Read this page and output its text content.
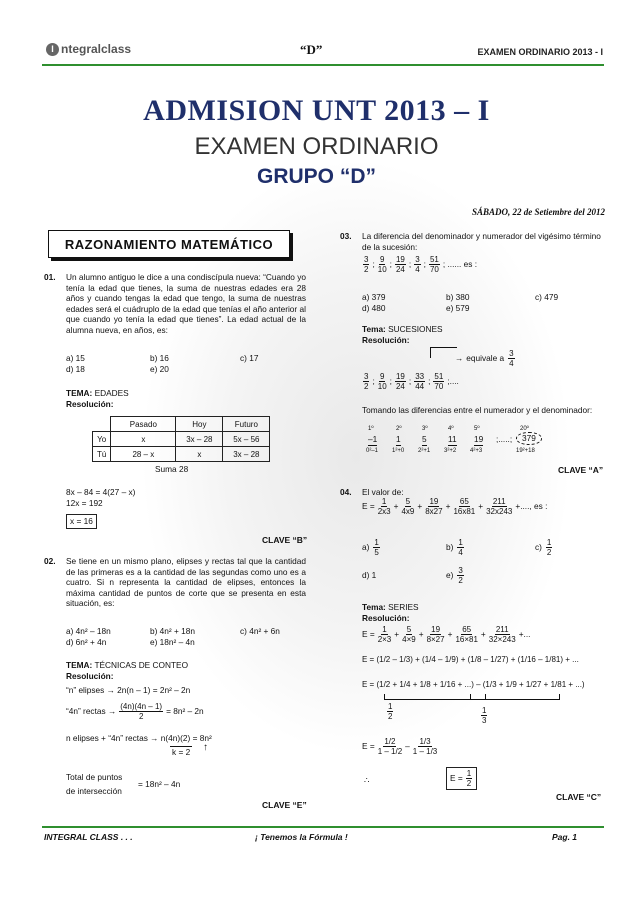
I ntegralclass	“D”	EXAMEN ORDINARIO 2013 - I
ADMISION UNT 2013 – I
EXAMEN ORDINARIO
GRUPO “D”
SÁBADO, 22 de Setiembre del 2012
RAZONAMIENTO MATEMÁTICO
01. Un alumno antiguo le dice a una condiscípula nueva: “Cuando yo tenía la edad que tienes, la suma de nuestras edades era 28 años y cuando tengas la edad que tengo, la suma de nuestras edades será el cuádruplo de la edad que tenías el año anterior al que cuando yo tenía la edad que tienes”. La edad actual de la alumna nueva, en años, es:
a) 15	b) 16	c) 17
d) 18	e) 20
TEMA: EDADES
Resolución:
	Pasado	Hoy	Futuro
Yo	x	3x – 28	5x – 56
Tú	28 – x	x	3x – 28
Suma 28
8x – 84 = 4(27 – x)
12x = 192
x = 16
CLAVE “B”
02. Se tiene en un mismo plano, elipses y rectas tal que la cantidad de las primeras es a la cantidad de las segundas como uno es a cuatro. Si n representa la cantidad de elipses, entonces la máxima cantidad de puntos de corte que se presenta en esta situación, es:
a) 4n² – 18n	b) 4n² + 18n	c) 4n² + 6n
d) 6n² + 4n	e) 18n² – 4n
TEMA: TÉCNICAS DE CONTEO
Resolución:
“n” elipses → 2n(n – 1) = 2n² – 2n
“4n” rectas → $\frac{(4n)(4n - 1)}{2} = 8n^2 - 2n$
n elipses + “4n” rectas → n(4n)(2) = 8n²
k = 2 ↑
Total de puntos
de intersección
= 18n² – 4n
CLAVE “E”
03. La diferencia del denominador y numerador del vigésimo término de la sucesión:
$\frac{3}{2}$ ; $\frac{9}{10}$ ; $\frac{19}{24}$ ; $\frac{3}{4}$ ; $\frac{51}{70}$ ; ...... es :
a) 379	b) 380	c) 479
d) 480	e) 579
Tema: SUCESIONES
Resolución:
→ equivale a $\frac{3}{4}$
$\frac{3}{2}$ ; $\frac{9}{10}$ ; $\frac{19}{24}$ ; $\frac{33}{44}$ ; $\frac{51}{70}$ ;....
Tomando las diferencias entre el numerador y el denominador:
1º	2º	3º	4º	5º	20º
–1 1	5	11 19 ;.....;	379
0²–1 1²+0 2²+1 3²+2 4²+3	19²+18
CLAVE “A”
04. El valor de:
$E = \frac{1}{2x3} + \frac{5}{4x9} + \frac{19}{8x27} + \frac{65}{16x81} + \frac{211}{32x243}$ +...., es :
$a) \frac{1}{5}$	$b) \frac{1}{4}$	$c) \frac{1}{2}$
d) 1	$e) \frac{3}{2}$
Tema: SERIES
Resolución:
$E = \frac{1}{2\times 3} + \frac{5}{4\times 9} + \frac{19}{8\times 27} + \frac{65}{16\times 81} + \frac{211}{32\times 243}$ +...
E = (1/2 – 1/3) + (1/4 – 1/9) + (1/8 – 1/27) + (1/16 – 1/81) + ...
E = (1/2 + 1/4 + 1/8 + 1/16 + ...) – (1/3 + 1/9 + 1/27 + 1/81 + ...)
$\frac{1}{2}$	$\frac{1}{3}$
$E = \frac{1/2}{1 - 1/2} - \frac{1/3}{1 - 1/3}$
∴	$E = \frac{1}{2}$
CLAVE “C”
INTEGRAL CLASS . . .	¡ Tenemos la Fórmula !	Pag. 1
